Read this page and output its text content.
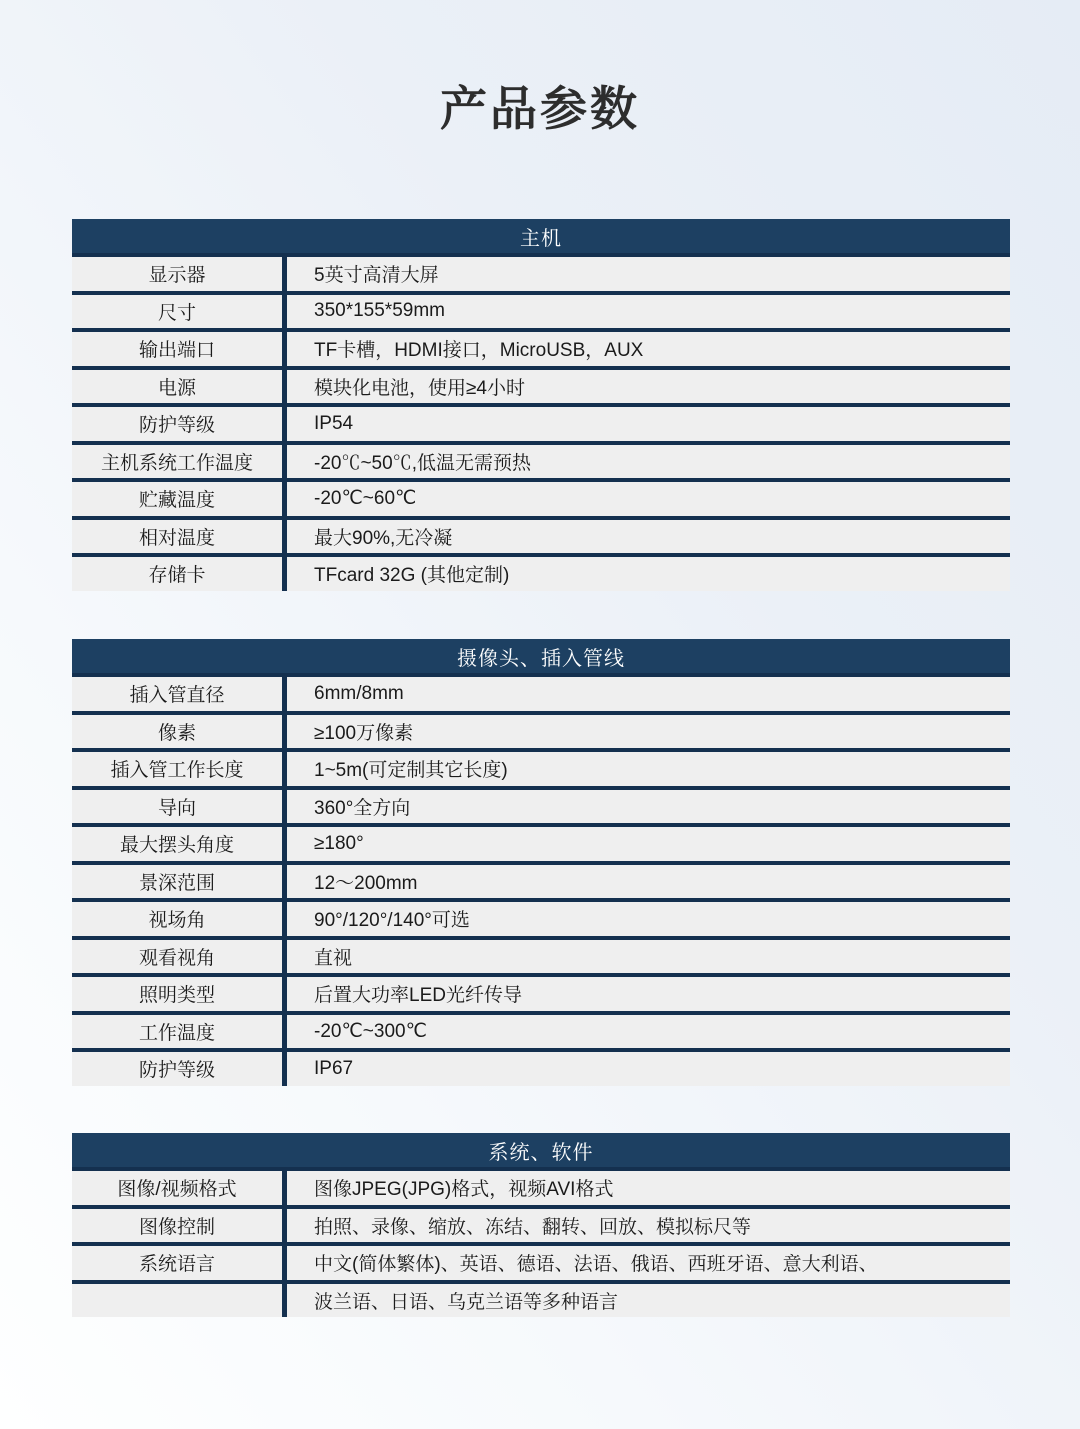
产品参数
主机
显示器	5英寸高清大屏
尺寸	350*155*59mm
输出端口	TF卡槽，HDMI接口，MicroUSB，AUX
电源	模块化电池，使用≥4小时
防护等级	IP54
主机系统工作温度	-20℃~50℃,低温无需预热
贮藏温度	-20℃~60℃
相对温度	最大90%,无冷凝
存储卡	TFcard 32G (其他定制)
摄像头、插入管线
插入管直径	6mm/8mm
像素	≥100万像素
插入管工作长度	1~5m(可定制其它长度)
导向	360°全方向
最大摆头角度	≥180°
景深范围	12～200mm
视场角	90°/120°/140°可选
观看视角	直视
照明类型	后置大功率LED光纤传导
工作温度	-20℃~300℃
防护等级	IP67
系统、软件
图像/视频格式	图像JPEG(JPG)格式，视频AVI格式
图像控制	拍照、录像、缩放、冻结、翻转、回放、模拟标尺等
系统语言	中文(简体繁体)、英语、德语、法语、俄语、西班牙语、意大利语、
波兰语、日语、乌克兰语等多种语言
